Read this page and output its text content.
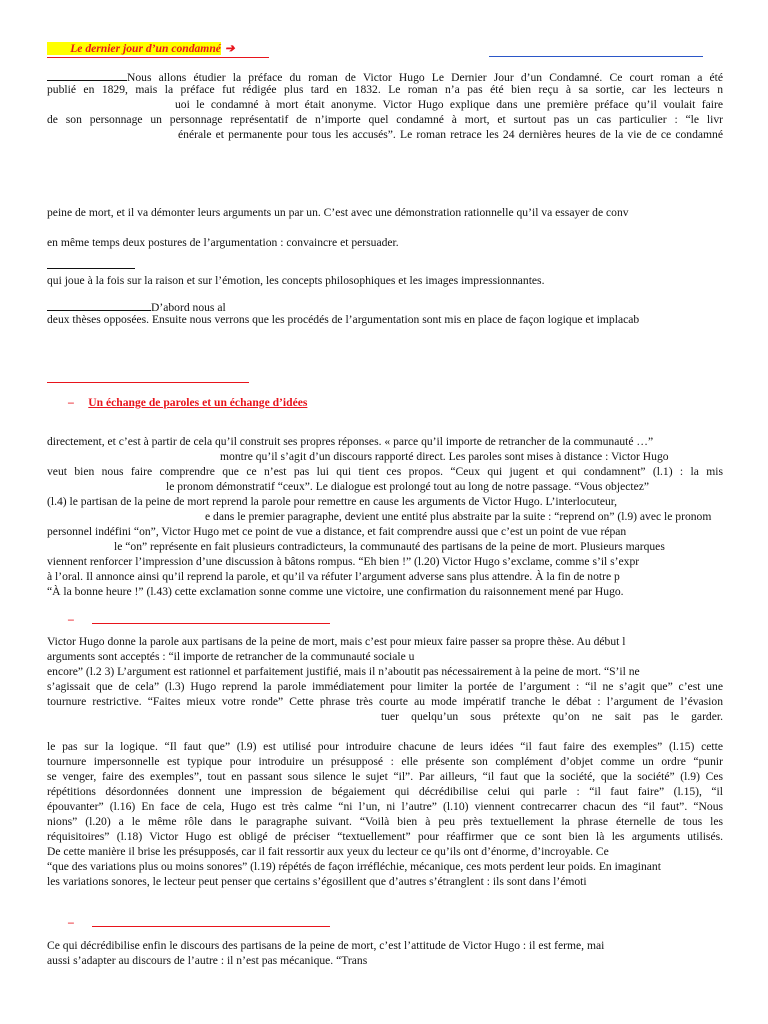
Le dernier jour d’un condamné ➔
Nous allons étudier la préface du roman de Victor Hugo Le Dernier Jour d’un Condamné. Ce court roman a été
publié en 1829, mais la préface fut rédigée plus tard en 1832. Le roman n’a pas été bien reçu à sa sortie, car les lecteurs n
uoi le condamné à mort était anonyme. Victor Hugo explique dans une première préface qu’il voulait faire
de son personnage un personnage représentatif de n’importe quel condamné à mort, et surtout pas un cas particulier : “le livr
énérale et permanente pour tous les accusés”. Le roman retrace les 24 dernières heures de la vie de ce condamné
peine de mort, et il va démonter leurs arguments un par un. C’est avec une démonstration rationnelle qu’il va essayer de conv
en même temps deux postures de l’argumentation : convaincre et persuader.
qui joue à la fois sur la raison et sur l’émotion, les concepts philosophiques et les images impressionnantes.
D’abord nous al
deux thèses opposées. Ensuite nous verrons que les procédés de l’argumentation sont mis en place de façon logique et implacab
– Un échange de paroles et un échange d’idées
directement, et c’est à partir de cela qu’il construit ses propres réponses. « parce qu’il importe de retrancher de la communauté …”
montre qu’il s’agit d’un discours rapporté direct. Les paroles sont mises à distance : Victor Hugo
veut bien nous faire comprendre que ce n’est pas lui qui tient ces propos. “Ceux qui jugent et qui condamnent” (l.1) : la mis
le pronom démonstratif “ceux”. Le dialogue est prolongé tout au long de notre passage. “Vous objectez”
(l.4) le partisan de la peine de mort reprend la parole pour remettre en cause les arguments de Victor Hugo. L’interlocuteur,
e dans le premier paragraphe, devient une entité plus abstraite par la suite : “reprend on” (l.9) avec le pronom
personnel indéfini “on”, Victor Hugo met ce point de vue a distance, et fait comprendre aussi que c’est un point de vue répan
le “on” représente en fait plusieurs contradicteurs, la communauté des partisans de la peine de mort. Plusieurs marques
viennent renforcer l’impression d’une discussion à bâtons rompus. “Eh bien !” (l.20) Victor Hugo s’exclame, comme s’il s’expr
à l’oral. Il annonce ainsi qu’il reprend la parole, et qu’il va réfuter l’argument adverse sans plus attendre. À la fin de notre p
“À la bonne heure !” (l.43) cette exclamation sonne comme une victoire, une confirmation du raisonnement mené par Hugo.
–
Victor Hugo donne la parole aux partisans de la peine de mort, mais c’est pour mieux faire passer sa propre thèse. Au début l
arguments sont acceptés : “il importe de retrancher de la communauté sociale u
encore” (l.2 3) L’argument est rationnel et parfaitement justifié, mais il n’aboutit pas nécessairement à la peine de mort. “S’il ne
s’agissait que de cela” (l.3) Hugo reprend la parole immédiatement pour limiter la portée de l’argument : “il ne s’agit que” c’est une
tournure restrictive. “Faites mieux votre ronde” Cette phrase très courte au mode impératif tranche le débat : l’argument de l’évasion
tuer quelqu’un sous prétexte qu’on ne sait pas le garder.
le pas sur la logique. “Il faut que” (l.9) est utilisé pour introduire chacune de leurs idées “il faut faire des exemples” (l.15) cette
tournure impersonnelle est typique pour introduire un présupposé : elle présente son complément d’objet comme un ordre “punir
se venger, faire des exemples”, tout en passant sous silence le sujet “il”. Par ailleurs, “il faut que la société, que la société” (l.9) Ces
répétitions désordonnées donnent une impression de bégaiement qui décrédibilise celui qui parle : “il faut faire” (l.15), “il
épouvanter” (l.16) En face de cela, Hugo est très calme “ni l’un, ni l’autre” (l.10) viennent contrecarrer chacun des “il faut”. “Nous
nions” (l.20) a le même rôle dans le paragraphe suivant. “Voilà bien à peu près textuellement la phrase éternelle de tous les
réquisitoires” (l.18) Victor Hugo est obligé de préciser “textuellement” pour réaffirmer que ce sont bien là les arguments utilisés.
De cette manière il brise les présupposés, car il fait ressortir aux yeux du lecteur ce qu’ils ont d’énorme, d’incroyable. Ce
“que des variations plus ou moins sonores” (l.19) répétés de façon irréfléchie, mécanique, ces mots perdent leur poids. En imaginant
les variations sonores, le lecteur peut penser que certains s’égosillent que d’autres s’étranglent : ils sont dans l’émoti
–
Ce qui décrédibilise enfin le discours des partisans de la peine de mort, c’est l’attitude de Victor Hugo : il est ferme, mai
aussi s’adapter au discours de l’autre : il n’est pas mécanique. “Trans
